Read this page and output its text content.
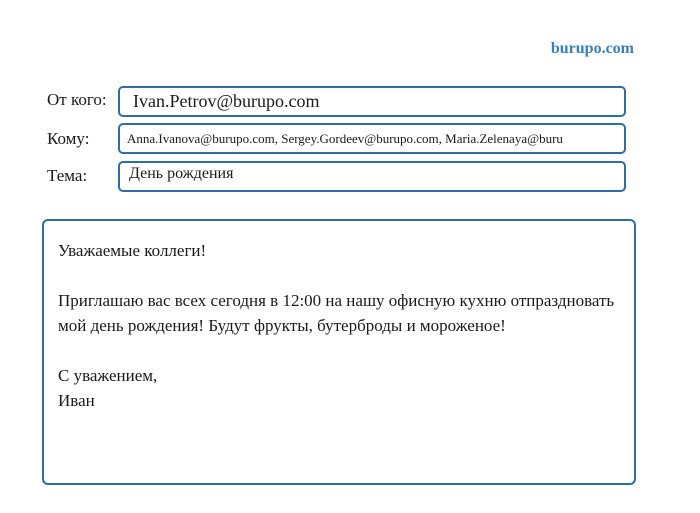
burupo.com
От кого: Ivan.Petrov@burupo.com
Кому:	Anna.Ivanova@burupo.com, Sergey.Gordeev@burupo.com, Maria.Zelenaya@buru
Тема:	День рождения

Уважаемые коллеги!

Приглашаю вас всех сегодня в 12:00 на нашу офисную кухню отпраздновать мой день рождения! Будут фрукты, бутерброды и мороженое!

С уважением,

Иван
